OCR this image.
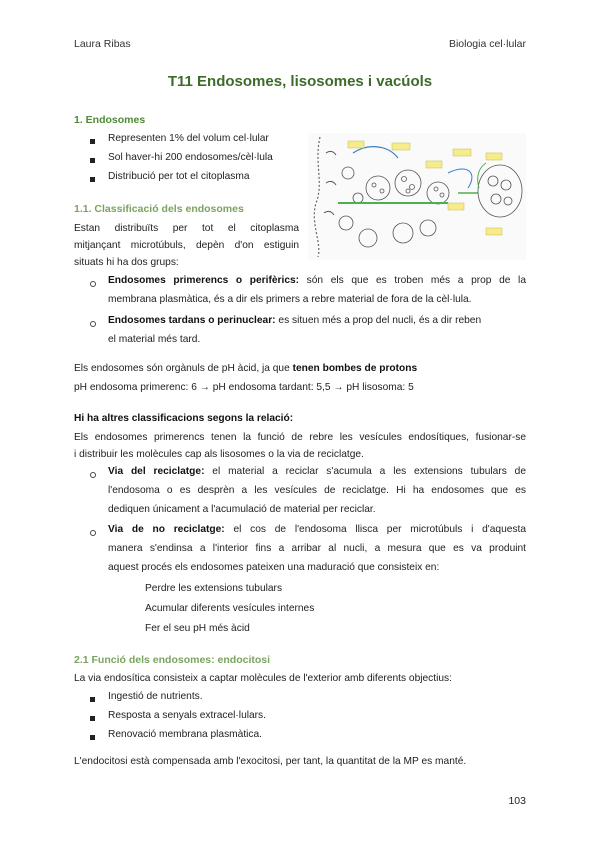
Laura Ribas	Biologia cel·lular
T11 Endosomes, lisosomes i vacúols
1. Endosomes
Representen 1% del volum cel·lular
Sol haver-hi 200 endosomes/cèl·lula
Distribució per tot el citoplasma
1.1. Classificació dels endosomes
Estan distribuïts per tot el citoplasma
mitjançant microtúbuls, depèn d'on estiguin
situats hi ha dos grups:
Endosomes primerencs o perifèrics: són els que es troben més a prop de la
membrana plasmàtica, és a dir els primers a rebre material de fora de la cèl·lula.
Endosomes tardans o perinuclear: es situen més a prop del nucli, és a dir reben
el material més tard.
Els endosomes són orgànuls de pH àcid, ja que tenen bombes de protons
pH endosoma primerenc: 6 → pH endosoma tardant: 5,5 → pH lisosoma: 5
Hi ha altres classificacions segons la relació:
Els endosomes primerencs tenen la funció de rebre les vesícules endosítiques, fusionar-se
i distribuir les molècules cap als lisosomes o la via de reciclatge.
Via del reciclatge: el material a reciclar s'acumula a les extensions tubulars de
l'endosoma o es desprèn a les vesícules de reciclatge. Hi ha endosomes que es
dediquen únicament a l'acumulació de material per reciclar.
Via de no reciclatge: el cos de l'endosoma llisca per microtúbuls i d'aquesta
manera s'endinsa a l'interior fins a arribar al nucli, a mesura que es va produint
aquest procés els endosomes pateixen una maduració que consisteix en:
Perdre les extensions tubulars
Acumular diferents vesícules internes
Fer el seu pH més àcid
2.1 Funció dels endosomes: endocitosi
La via endosítica consisteix a captar molècules de l'exterior amb diferents objectius:
Ingestió de nutrients.
Resposta a senyals extracel·lulars.
Renovació membrana plasmàtica.
L'endocitosi està compensada amb l'exocitosi, per tant, la quantitat de la MP es manté.
103
